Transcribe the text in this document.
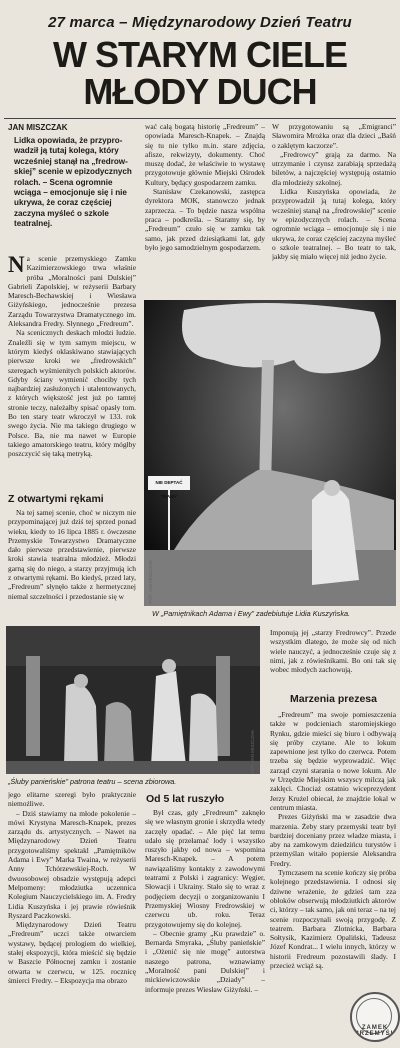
27 marca – Międzynarodowy Dzień Teatru
W STARYM CIELE
MŁODY DUCH
JAN MISZCZAK
Lidka opowiada, że przyprowadził ją tutaj kolega, który wcześniej stanął na „fredrowskiej” scenie w epizodycznych rolach. – Scena ogromnie wciąga – emocjonuje się i nie ukrywa, że coraz częściej zaczyna myśleć o szkole teatralnej.

Na scenie przemyskiego Zamku Kazimierzowskiego trwa właśnie próba „Moralności pani Dulskiej” Gabrieli Zapolskiej, w reżyserii Barbary Maresch-Bechawskiej i Wiesława Giżyńskiego, jednocześnie prezesa Zarządu Towarzystwa Dramatycznego im. Aleksandra Fredry. Słynnego „Fredreum”.

Na scenicznych deskach młodzi ludzie. Znaleźli się w tym samym miejscu, w którym kiedyś oklaskiwano stawiających pierwsze kroki we „fredrowskich” szeregach wyśmienitych polskich aktorów. Gdyby ściany wymienić chociby tych najbardziej zasłużonych i utalentowanych, z których większość jest już po tamtej stronie teczy, należałby spisać opasły tom. Bo ten stary teatr wkroczył w 133. rok swego życia. Nie ma takiego drugiego w Polsce. Ba, nie ma nawet w Europie takiego amatorskiego teatru, który mógłby poszczycić się taką metryką.

Z otwartymi rękami

Na tej samej scenie, choć w niczym nie przypominającej już dziś tej sprzed ponad wieku, kiedy to 16 lipca 1885 r. ówczesne Przemyskie Towarzystwo Dramatyczne dało pierwsze przedstawienie, pierwsze kroki stawia teatralna młodzież. Młodzi garną się do niego, a starzy przyjmują ich z otwartymi rękami. Bo kiedyś, przed laty, „Fredreum” słynęło także z hermetycznej niemal szczelności i przedostanie się w

wać całą bogatą historię „Fredreum” – opowiada Maresch-Knapek. – Znajdą się tu nie tylko m.in. stare zdjęcia, afisze, rekwizyty, dokumenty. Choć muszę dodać, że właściwie to wystawę przygotowuje głównie Miejski Ośrodek Kultury, będący gospodarzem zamku.

Stanisław Czekanowski, zastępca dyrektora MOK, stanowczo jednak zaprzecza. – To będzie nasza wspólna praca – podkreśla. – Staramy się, by „Fredreum” czuło się w zamku tak samo, jak przed dziesiątkami lat, gdy było jego samodzielnym gospodarzem.

W przygotowaniu są „Emigranci” Sławomira Mrożka oraz dla dzieci „Baśń o zaklętym kaczorze”.

„Fredrowcy” grają za darmo. Na utrzymanie i czynsz zarabiają sprzedażą biletów, a najczęściej występują ostatnio dla młodzieży szkolnej.

Lidka Kuszyńska opowiada, że przyprowadził ją tutaj kolega, który wcześniej stanął na „fredrowskiej” scenie w epizodycznych rolach. – Scena ogromnie wciąga – emocjonuje się i nie ukrywa, że coraz częściej zaczyna myśleć o szkole teatralnej. – Bo teatr to tak, jakby się miało więcej niż jedno życie.

NIE DEPTAĆ TRAWY
FOT. JAN MISZCZAK
W „Pamiętnikach Adama i Ewy” zadebiutuje Lidia Kuszyńska.
FOT. JAN MISZCZAK
„Śluby panieńskie” patrona teatru – scena zbiorowa.

Imponują jej „starzy Fredrowcy”. Przede wszystkim dlatego, że może się od nich wiele nauczyć, a jednocześnie czuje się z nimi, jak z rówieśnikami. Bo oni tak się wobec młodych zachowują.

Marzenia prezesa

„Fredreum” ma swoje pomieszczenia także w podcieniach staromiejskiego Rynku, gdzie mieści się biuro i odbywają się próby czytane. Ale to lokum zapewnione jest tylko do czerwca. Potem trzeba się będzie wyprowadzić. Więc zarząd czyni starania o nowe lokum. Ale w Urzędzie Miejskim wszyscy milczą jak zaklęci. Chociaż ostatnio wiceprezydent Jerzy Krużel obiecał, że znajdzie lokal w centrum miasta.

Prezes Giżyński ma w zasadzie dwa marzenia. Żeby stary przemyski teatr był bardziej doceniany przez władze miasta, i aby na zamkowym dziedzińcu turystów i przemyślan witało popiersie Aleksandra Fredry.

Tymczasem na scenie kończy się próba kolejnego przedstawienia. I odnosi się dziwne wrażenie, że gdzieś tam zza obłoków obserwują młodziutkich aktorów ci, którzy – tak samo, jak oni teraz – na tej scenie rozpoczynali swoją przygodę. Z teatrem. Barbara Zlotnicka, Barbara Sołtysik, Kazimierz Opaliński, Tadeusz Józef Kondrat... I wielu innych, którzy w historii Fredreum pozostawili ślady. I przecież wciąż są.

jego elitarne szeregi było praktycznie niemożliwe.

– Dziś stawiamy na młode pokolenie – mówi Krystyna Maresch-Knapek, prezes zarządu ds. artystycznych. – Nawet na Międzynarodowy Dzień Teatru przygotowaliśmy spektakl „Pamiętników Adama i Ewy” Marka Twaina, w reżyserii Anny Tchórzewskiej-Roch. W dwuosobowej obsadzie występują adepci Melpomeny: młodziutka uczennica Kolegium Nauczycielskiego im. A. Fredry Lidia Kuszyńska i jej prawie rówieśnik Ryszard Paczkowski.

Międzynarodowy Dzień Teatru „Fredreum” uczci także otwarciem wystawy, będącej prologiem do wielkiej, stałej ekspozycji, która mieścić się będzie w Baszcie Północnej zamku i zostanie otwarta w czerwcu, w 125. rocznicę śmierci Fredry. – Ekspozycja ma obrazo

Od 5 lat ruszyło

Był czas, gdy „Fredreum” zaknęło się we własnym gronie i skrzydła wtedy zaczęły opadać. – Ale pięć lat temu udało się przełamać lody i wszystko ruszyło jakby od nowa – wspomina Maresch-Knapek. – A potem nawiązaliśmy kontakty z zawodowymi teatrami z Polski i zagranicy: Węgier, Słowacji i Ukrainy. Stało się to wraz z podjęciem decyzji o zorganizowaniu I Przemyskiej Wiosny Fredrowskiej w czerwcu ub. roku. Teraz przygotowujemy się do kolejnej.

– Obecnie gramy „Ku prawdzie” o. Bernarda Smyraka, „Śluby panieńskie” i „Ożenić się nie mogę” autorstwa naszego patrona, wznawiamy „Moralność pani Dulskiej” i mickiewiczowskie „Dziady” – informuje prezes Wiesław Giżyński. –

ZAMEK PRZEMYŚL
